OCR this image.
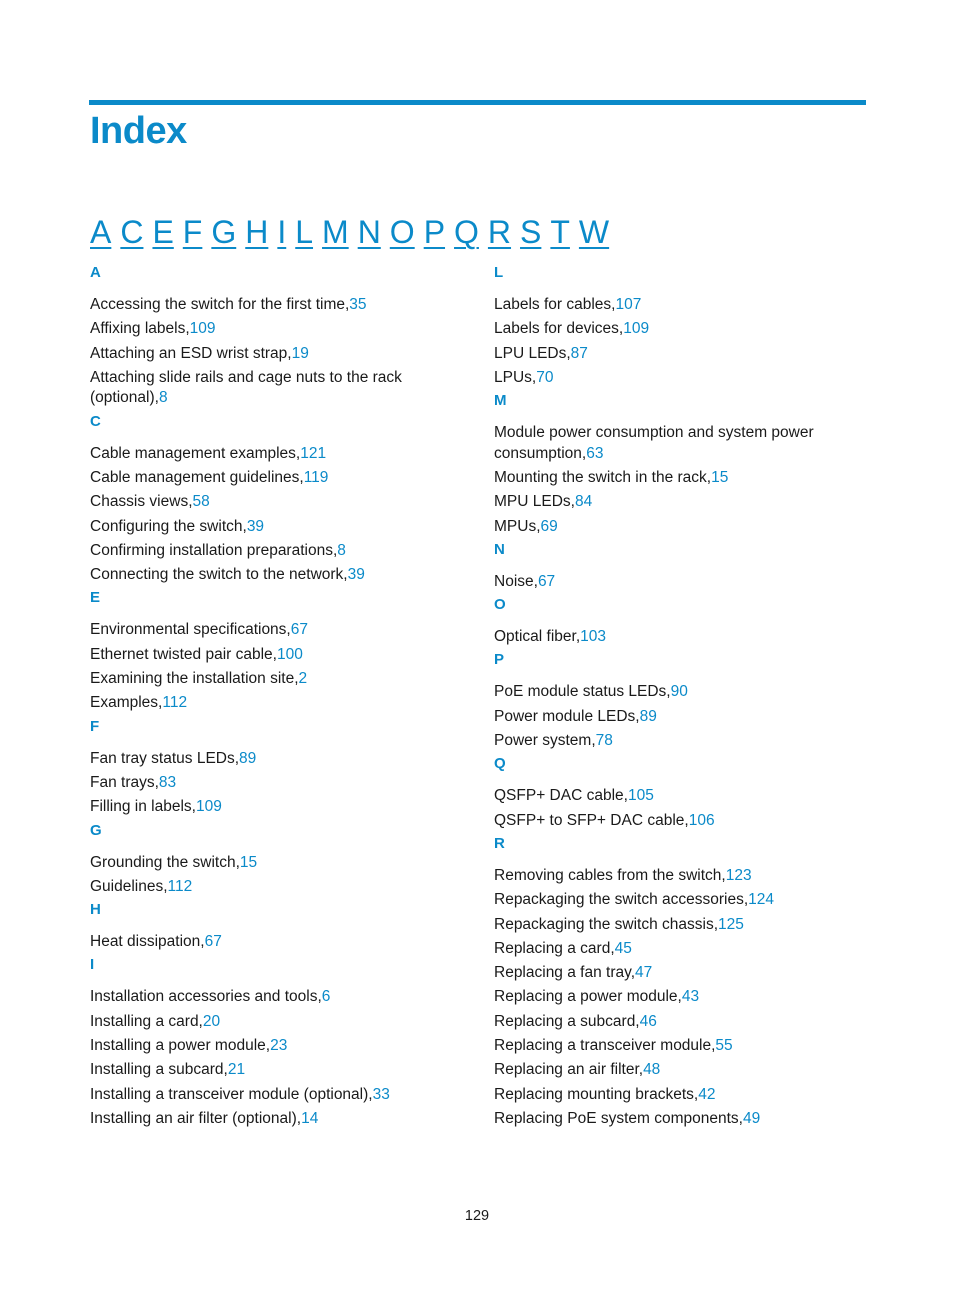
Index
A C E F G H I L M N O P Q R S T W
A
Accessing the switch for the first time,35
Affixing labels,109
Attaching an ESD wrist strap,19
Attaching slide rails and cage nuts to the rack (optional),8
C
Cable management examples,121
Cable management guidelines,119
Chassis views,58
Configuring the switch,39
Confirming installation preparations,8
Connecting the switch to the network,39
E
Environmental specifications,67
Ethernet twisted pair cable,100
Examining the installation site,2
Examples,112
F
Fan tray status LEDs,89
Fan trays,83
Filling in labels,109
G
Grounding the switch,15
Guidelines,112
H
Heat dissipation,67
I
Installation accessories and tools,6
Installing a card,20
Installing a power module,23
Installing a subcard,21
Installing a transceiver module (optional),33
Installing an air filter (optional),14
L
Labels for cables,107
Labels for devices,109
LPU LEDs,87
LPUs,70
M
Module power consumption and system power consumption,63
Mounting the switch in the rack,15
MPU LEDs,84
MPUs,69
N
Noise,67
O
Optical fiber,103
P
PoE module status LEDs,90
Power module LEDs,89
Power system,78
Q
QSFP+ DAC cable,105
QSFP+ to SFP+ DAC cable,106
R
Removing cables from the switch,123
Repackaging the switch accessories,124
Repackaging the switch chassis,125
Replacing a card,45
Replacing a fan tray,47
Replacing a power module,43
Replacing a subcard,46
Replacing a transceiver module,55
Replacing an air filter,48
Replacing mounting brackets,42
Replacing PoE system components,49
129
